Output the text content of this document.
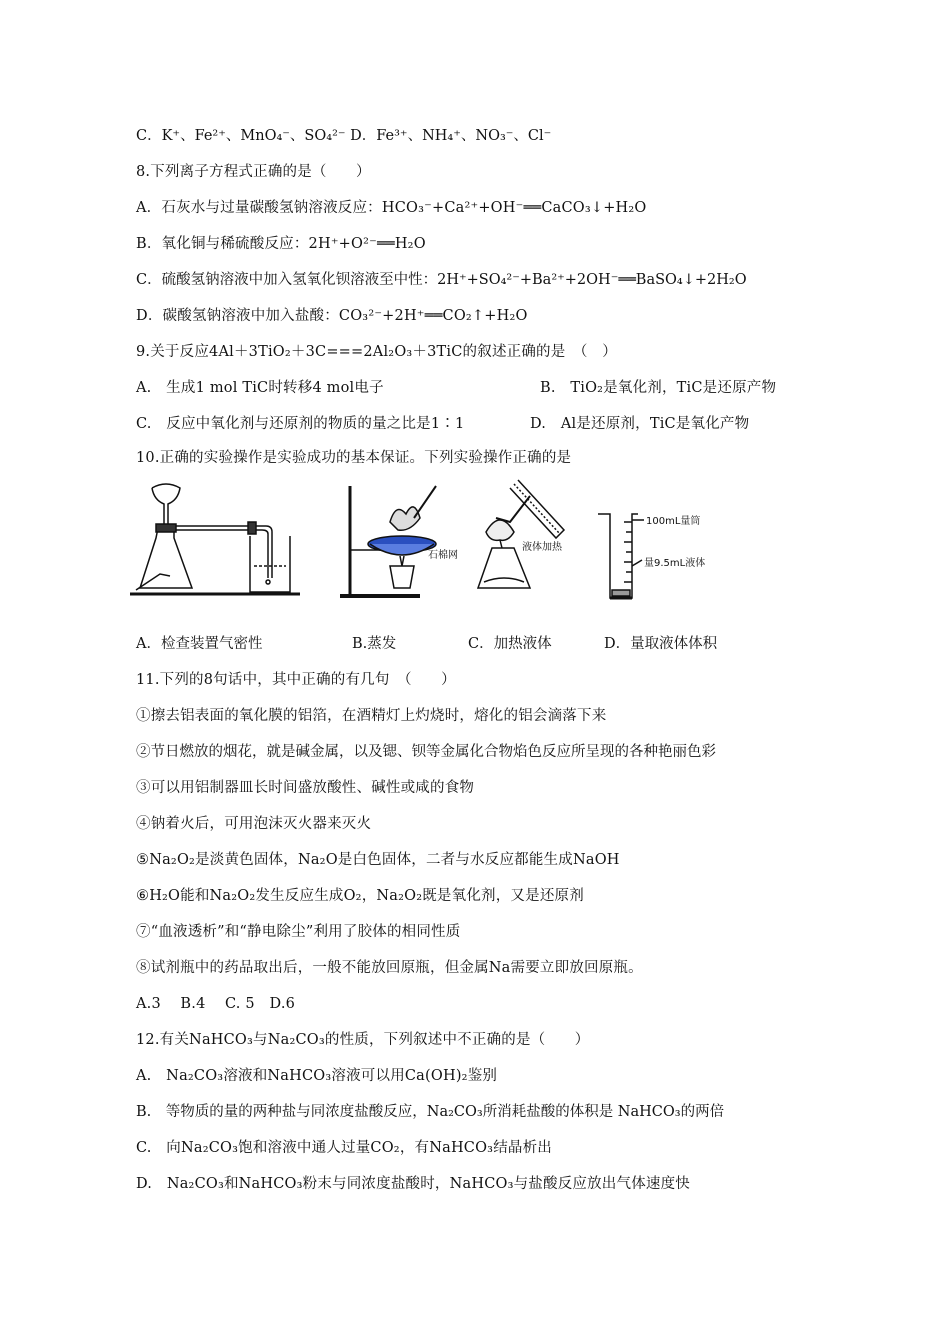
C．K⁺、Fe²⁺、MnO₄⁻、SO₄²⁻ D．Fe³⁺、NH₄⁺、NO₃⁻、Cl⁻
8.下列离子方程式正确的是（　　）
A．石灰水与过量碳酸氢钠溶液反应：HCO₃⁻+Ca²⁺+OH⁻══CaCO₃↓+H₂O
B．氧化铜与稀硫酸反应：2H⁺+O²⁻══H₂O
C．硫酸氢钠溶液中加入氢氧化钡溶液至中性：2H⁺+SO₄²⁻+Ba²⁺+2OH⁻══BaSO₄↓+2H₂O
D．碳酸氢钠溶液中加入盐酸：CO₃²⁻+2H⁺══CO₂↑+H₂O
9.关于反应4Al＋3TiO₂＋3C===2Al₂O₃＋3TiC的叙述正确的是　（　）
A.　生成1 mol TiC时转移4 mol电子	B.　TiO₂是氧化剂，TiC是还原产物
C.　反应中氧化剂与还原剂的物质的量之比是1∶1	D.　Al是还原剂，TiC是氧化产物
10.正确的实验操作是实验成功的基本保证。下列实验操作正确的是
石棉网
液体加热
100mL量筒
量9.5mL液体
A．检查装置气密性	B.蒸发	C．加热液体	D．量取液体体积
11.下列的8句话中，其中正确的有几句　（　　）
①擦去铝表面的氧化膜的铝箔，在酒精灯上灼烧时，熔化的铝会滴落下来
②节日燃放的烟花，就是碱金属，以及锶、钡等金属化合物焰色反应所呈现的各种艳丽色彩
③可以用铝制器皿长时间盛放酸性、碱性或咸的食物
④钠着火后，可用泡沫灭火器来灭火
⑤Na₂O₂是淡黄色固体，Na₂O是白色固体，二者与水反应都能生成NaOH
⑥H₂O能和Na₂O₂发生反应生成O₂，Na₂O₂既是氧化剂，又是还原剂
⑦“血液透析”和“静电除尘”利用了胶体的相同性质
⑧试剂瓶中的药品取出后，一般不能放回原瓶，但金属Na需要立即放回原瓶。
A.3　 B.4　 C. 5　D.6
12.有关NaHCO₃与Na₂CO₃的性质，下列叙述中不正确的是（　　）
A.　Na₂CO₃溶液和NaHCO₃溶液可以用Ca(OH)₂鉴别
B.　等物质的量的两种盐与同浓度盐酸反应，Na₂CO₃所消耗盐酸的体积是 NaHCO₃的两倍
C.　向Na₂CO₃饱和溶液中通人过量CO₂，有NaHCO₃结晶析出
D.　Na₂CO₃和NaHCO₃粉末与同浓度盐酸时，NaHCO₃与盐酸反应放出气体速度快
